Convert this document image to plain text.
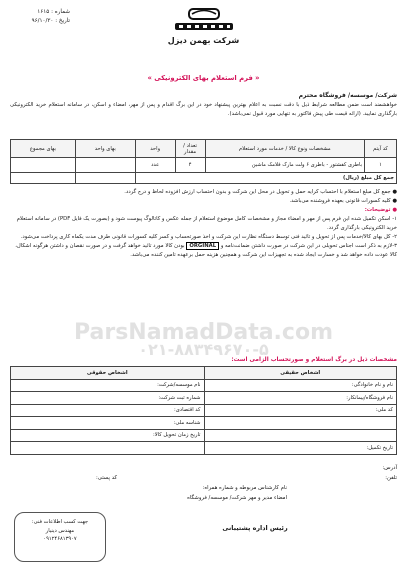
شماره : ۱۶۱۵
تاریخ : ۹۶/۱۰/۳۰
شرکت بهمن دیزل
« فرم استعلام بهای الکترونیکی »
شرکت/ موسسه/ فروشگاه محترم
خواهشمند است ضمن مطالعه شرایط ذیل با دقت نسبت به اعلام بهترین پیشنهاد خود در این برگ اقدام و پس از مهر، امضاء و اسکن، در سامانه استعلام خرید الکترونیکی بارگذاری نمایید. (ارائه قیمت طی پیش فاکتور به تنهایی مورد قبول نمی‌باشد).
کد آیتم	مشخصات ونوع کالا / خدمات مورد استعلام	تعداد / مقدار	واحد	بهای واحد	بهای مجموع
۱	باطری کفشتور - باطری ۶ ولت مارک فلامک ماشین	۴	عدد		
جمع کل مبلغ (ریال)					
● جمع کل مبلغ استعلام با احتساب کرایه حمل و تحویل در محل این شرکت و بدون احتساب ارزش افزوده لحاظ و درج گردد.
● کلیه کسورات قانونی بعهده فروشنده می‌باشد.
● توضیحات:
۱- اسکن تکمیل شده این فرم پس از مهر و امضاء مجاز و مشخصات کامل موضوع استعلام از جمله عکس و کاتالوگ پیوست شود و (بصورت یک فایل PDF) در سامانه استعلام خرید الکترونیکی بارگذاری گردد.
۲- کل بهای کالا/خدمات پس از تحویل و تائید فنی توسط دستگاه نظارت این شرکت و اخذ صورتحساب و کسر کلیه کسورات قانونی طرف مدت یکماه کاری پرداخت می‌شود.
۳-لازم به ذکر است اجناس تحویلی در این شرکت در صورت داشتن ضمانت‌نامه و ORGINAL بودن کالا مورد تائید خواهد گرفت و در صورت نقصان و داشتن هرگونه اشکال، کالا عودت داده خواهد شد و خسارت ایجاد شده به تجهیزات این شرکت و همچنین هزینه حمل برعهده تامین کننده می‌باشد.
ParsNamadData.com
۰۲۱-۸۸۳۴۹۶۷۰-۵
مشخصات ذیل در برگ استعلام و صورتحساب الزامی است:
اشخاص حقیقی	اشخاص حقوقی
نام و نام خانوادگی:	نام موسسه/شرکت:
نام فروشگاه/پیمانکار:	شماره ثبت شرکت:
کد ملی:	کد اقتصادی:
	شناسه ملی:
	تاریخ زمان تحویل کالا:
تاریخ تکمیل:	
آدرس:
تلفن:
کد پستی:
نام کارشناس مربوطه و شماره همراه:
امضاء مدیر و مهر شرکت/ موسسه/ فروشگاه
جهت کسب اطلاعات فنی:
مهندس دینیار
۰۹۱۲۴۶۸۱۳۹۰۷
رئیس اداره پشتیبانی
